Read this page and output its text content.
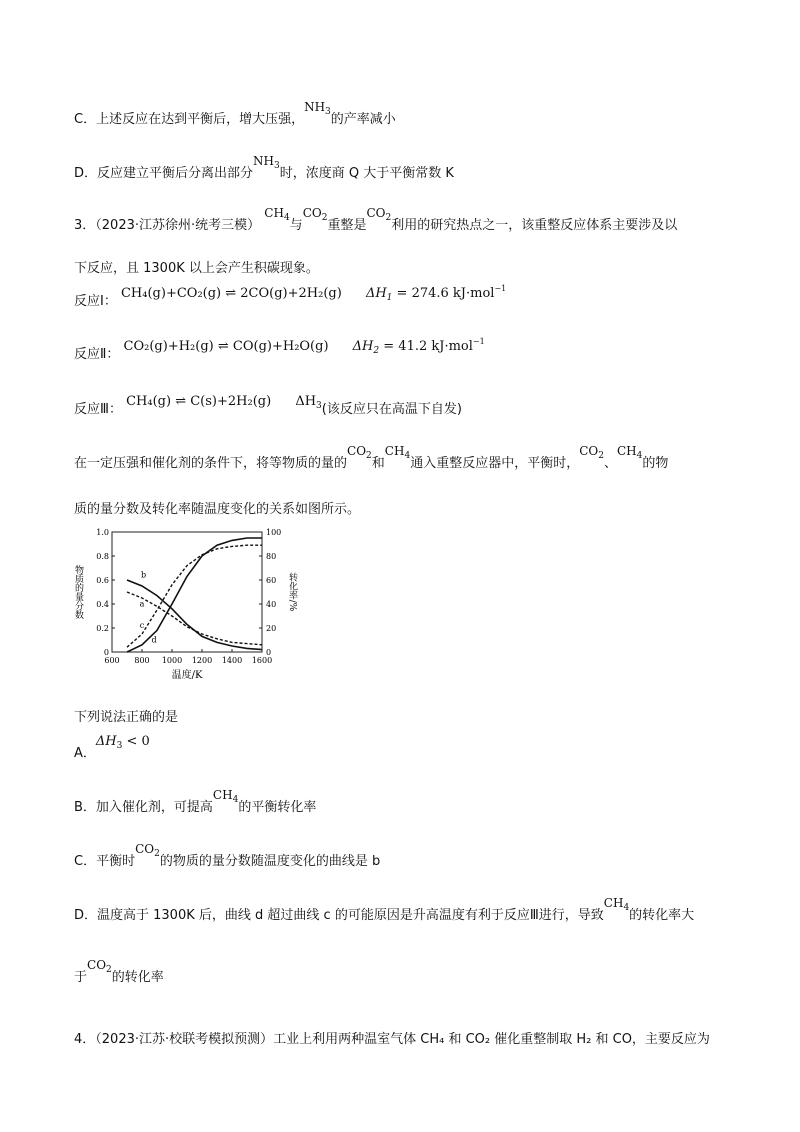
C．上述反应在达到平衡后，增大压强，$NH_3$的产率减小
D．反应建立平衡后分离出部分$NH_3$时，浓度商 Q 大于平衡常数 K
3．（2023·江苏徐州·统考三模） $CH_4$与$CO_2$重整是$CO_2$利用的研究热点之一，该重整反应体系主要涉及以
下反应，且 1300K 以上会产生积碳现象。
反应Ⅰ： CH₄(g)+CO₂(g) ⇌ 2CO(g)+2H₂(g) $\Delta H_1 = 274.6$ kJ·mol$^{-1}$
反应Ⅱ： CO₂(g)+H₂(g) ⇌ CO(g)+H₂O(g) $\Delta H_2 = 41.2$ kJ·mol$^{-1}$
反应Ⅲ： CH₄(g) ⇌ C(s)+2H₂(g) $\Delta H_3$(该反应只在高温下自发)
在一定压强和催化剂的条件下，将等物质的量的$CO_2$和$CH_4$通入重整反应器中，平衡时，$CO_2$、$CH_4$的物
质的量分数及转化率随温度变化的关系如图所示。
600 800 1000 1200 1400 1600
0
0.2
0.4
0.6
0.8
1.0
0
20
40
60
80
100
温度/K
物质的量分数	转化率/%
b
a
c
d
下列说法正确的是
A．$\Delta H_3 < 0$
B．加入催化剂，可提高$CH_4$的平衡转化率
C．平衡时$CO_2$的物质的量分数随温度变化的曲线是 b
D．温度高于 1300K 后，曲线 d 超过曲线 c 的可能原因是升高温度有利于反应Ⅲ进行，导致$CH_4$的转化率大
于$CO_2$的转化率
4．（2023·江苏·校联考模拟预测）工业上利用两种温室气体 CH₄ 和 CO₂ 催化重整制取 H₂ 和 CO，主要反应为
